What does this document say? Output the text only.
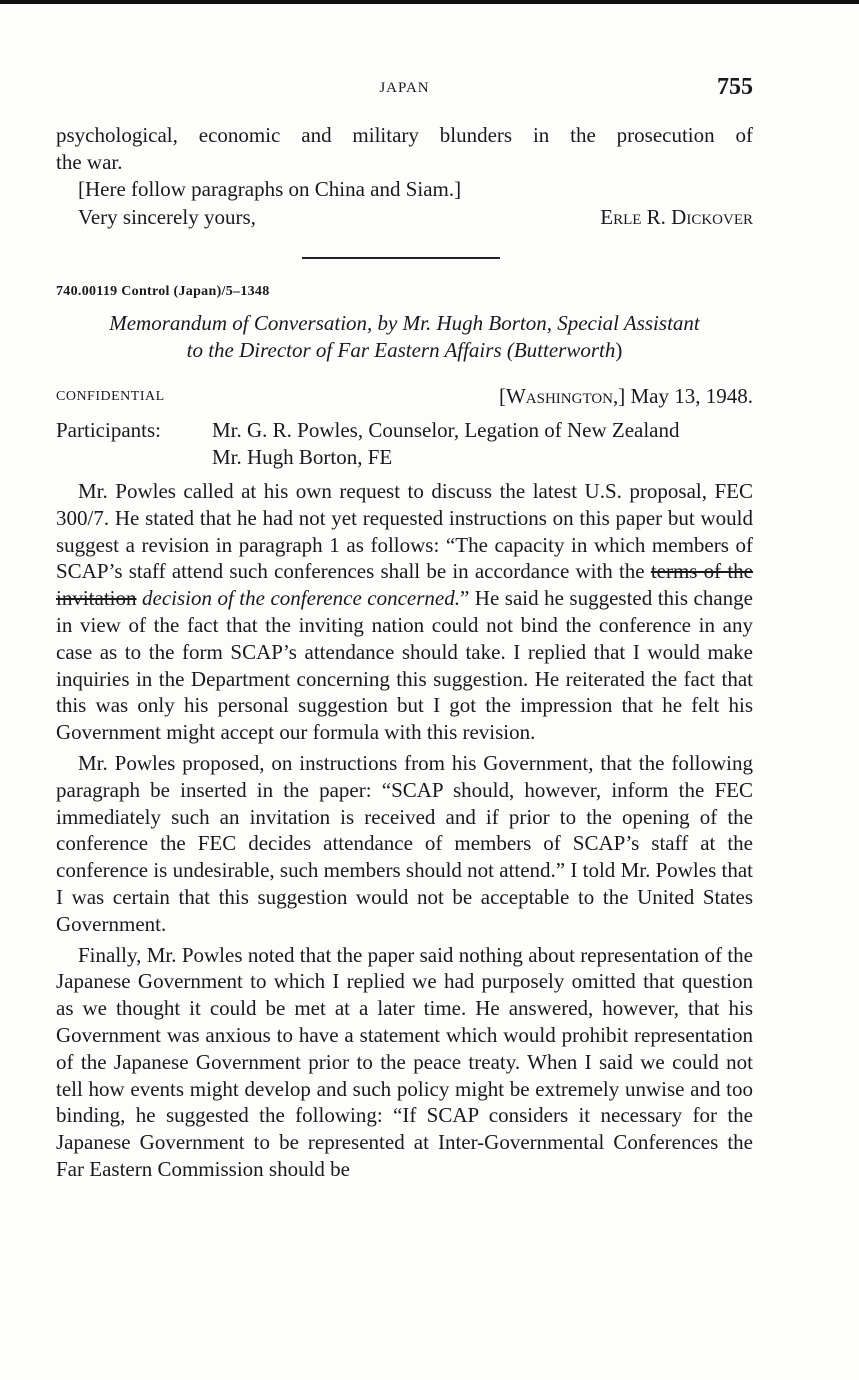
JAPAN	755

psychological, economic and military blunders in the prosecution of

the war.

[Here follow paragraphs on China and Siam.]

Very sincerely yours,	Erle R. Dickover
740.00119 Control (Japan)/5–1348
Memorandum of Conversation, by Mr. Hugh Borton, Special Assistant
to the Director of Far Eastern Affairs (Butterworth)
CONFIDENTIAL	[Washington,] May 13, 1948.
Participants: Mr. G. R. Powles, Counselor, Legation of New Zealand
Mr. Hugh Borton, FE

Mr. Powles called at his own request to discuss the latest U.S. proposal, FEC 300/7. He stated that he had not yet requested instructions on this paper but would suggest a revision in paragraph 1 as follows: “The capacity in which members of SCAP’s staff attend such conferences shall be in accordance with the terms of the invitation decision of the conference concerned.” He said he suggested this change in view of the fact that the inviting nation could not bind the conference in any case as to the form SCAP’s attendance should take. I replied that I would make inquiries in the Department concerning this suggestion. He reiterated the fact that this was only his personal suggestion but I got the impression that he felt his Government might accept our formula with this revision.

Mr. Powles proposed, on instructions from his Government, that the following paragraph be inserted in the paper: “SCAP should, however, inform the FEC immediately such an invitation is received and if prior to the opening of the conference the FEC decides attendance of members of SCAP’s staff at the conference is undesirable, such members should not attend.” I told Mr. Powles that I was certain that this suggestion would not be acceptable to the United States Government.

Finally, Mr. Powles noted that the paper said nothing about representation of the Japanese Government to which I replied we had purposely omitted that question as we thought it could be met at a later time. He answered, however, that his Government was anxious to have a statement which would prohibit representation of the Japanese Government prior to the peace treaty. When I said we could not tell how events might develop and such policy might be extremely unwise and too binding, he suggested the following: “If SCAP considers it necessary for the Japanese Government to be represented at Inter-Governmental Conferences the Far Eastern Commission should be
